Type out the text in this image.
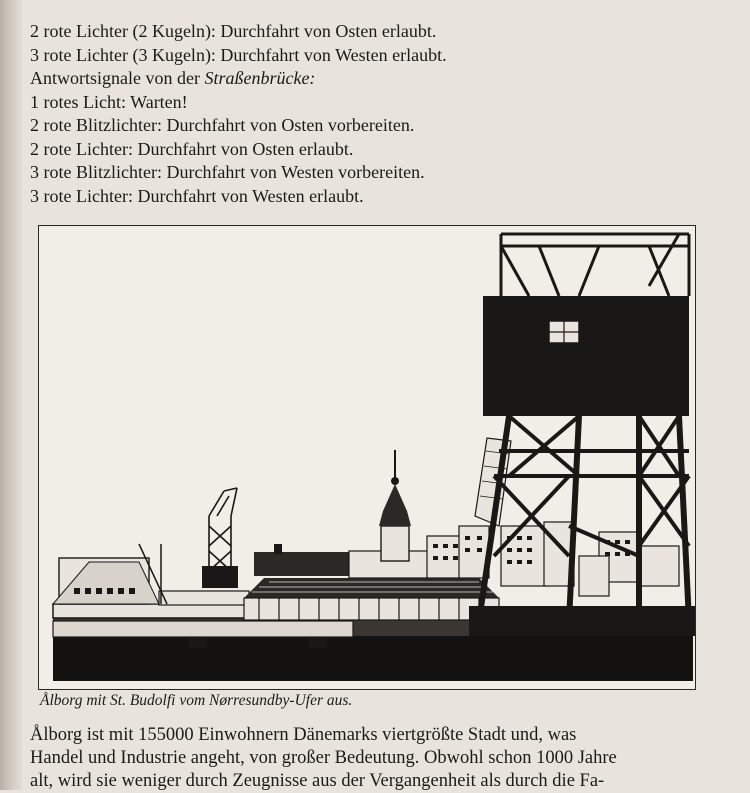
2 rote Lichter (2 Kugeln): Durchfahrt von Osten erlaubt.
3 rote Lichter (3 Kugeln): Durchfahrt von Westen erlaubt.
Antwortsignale von der Straßenbrücke:
1 rotes Licht: Warten!
2 rote Blitzlichter: Durchfahrt von Osten vorbereiten.
2 rote Lichter: Durchfahrt von Osten erlaubt.
3 rote Blitzlichter: Durchfahrt von Westen vorbereiten.
3 rote Lichter: Durchfahrt von Westen erlaubt.
Ålborg mit St. Budolfi vom Nørresundby-Ufer aus.

Ålborg ist mit 155000 Einwohnern Dänemarks viertgrößte Stadt und, was

Handel und Industrie angeht, von großer Bedeutung. Obwohl schon 1000 Jahre

alt, wird sie weniger durch Zeugnisse aus der Vergangenheit als durch die Fa-
